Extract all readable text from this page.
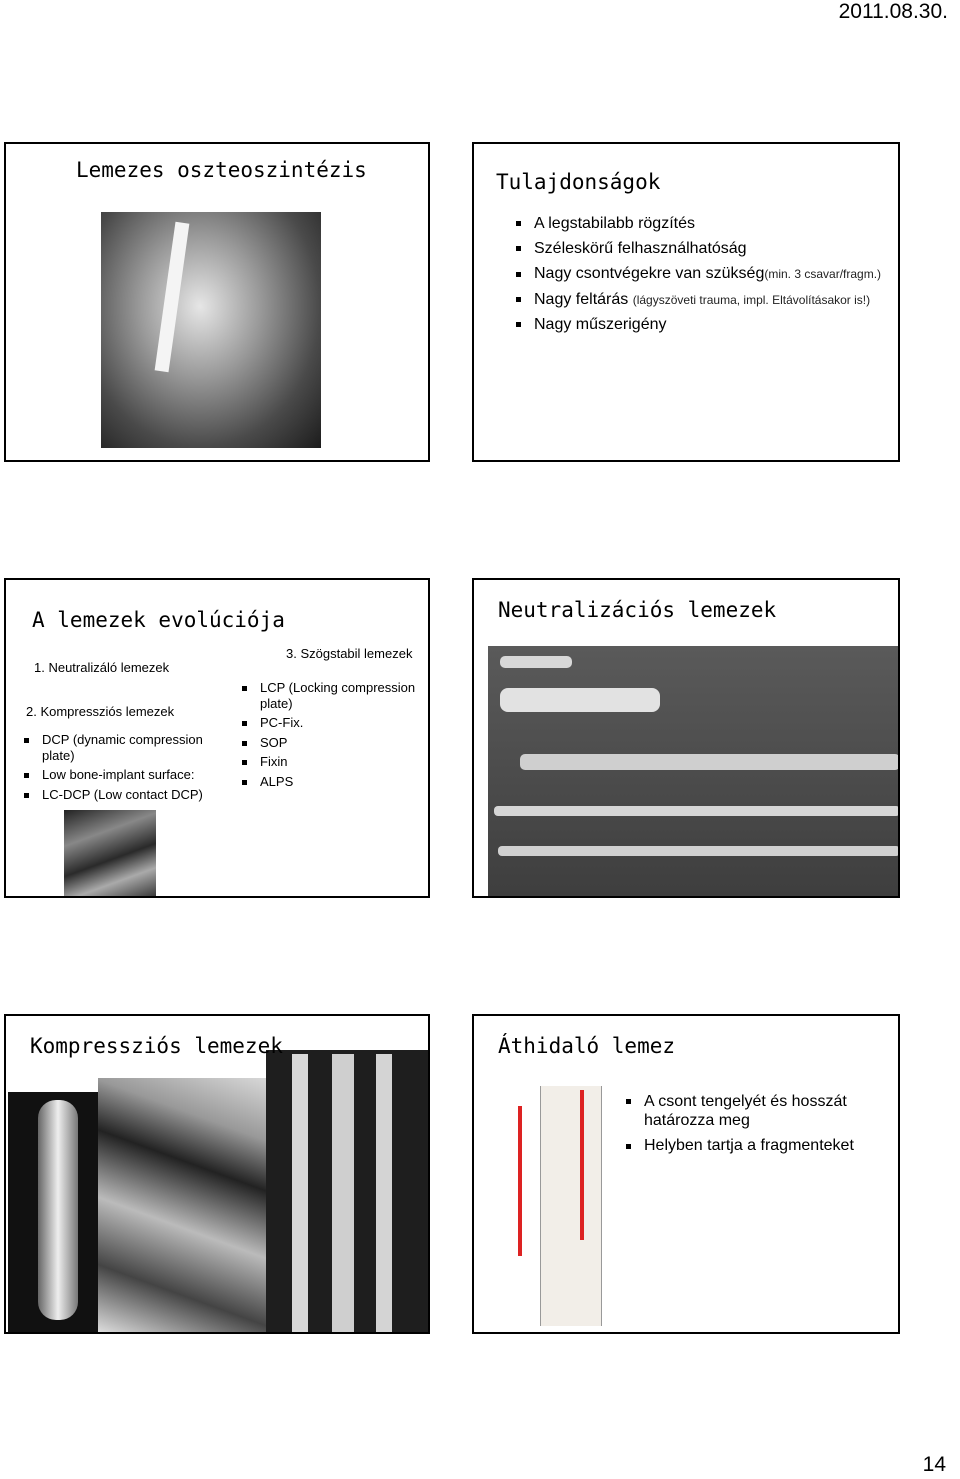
2011.08.30.
Lemezes oszteoszintézis	Tulajdonságok
A legstabilabb rögzítés
Széleskörű felhasználhatóság
Nagy csontvégekre van szükség(min. 3 csavar/fragm.)
Nagy feltárás (lágyszöveti trauma, impl. Eltávolításakor is!)
Nagy műszerigény
A lemezek evolúciója
1. Neutralizáló lemezek
2. Kompressziós lemezek
DCP (dynamic compression plate)
Low bone-implant surface:
LC-DCP (Low contact DCP)
3. Szögstabil lemezek
LCP (Locking compression plate)
PC-Fix.
SOP
Fixin
ALPS
Neutralizációs lemezek
Kompressziós lemezek	Áthidaló lemez
A csont tengelyét és hosszát határozza meg
Helyben tartja a fragmenteket
14
